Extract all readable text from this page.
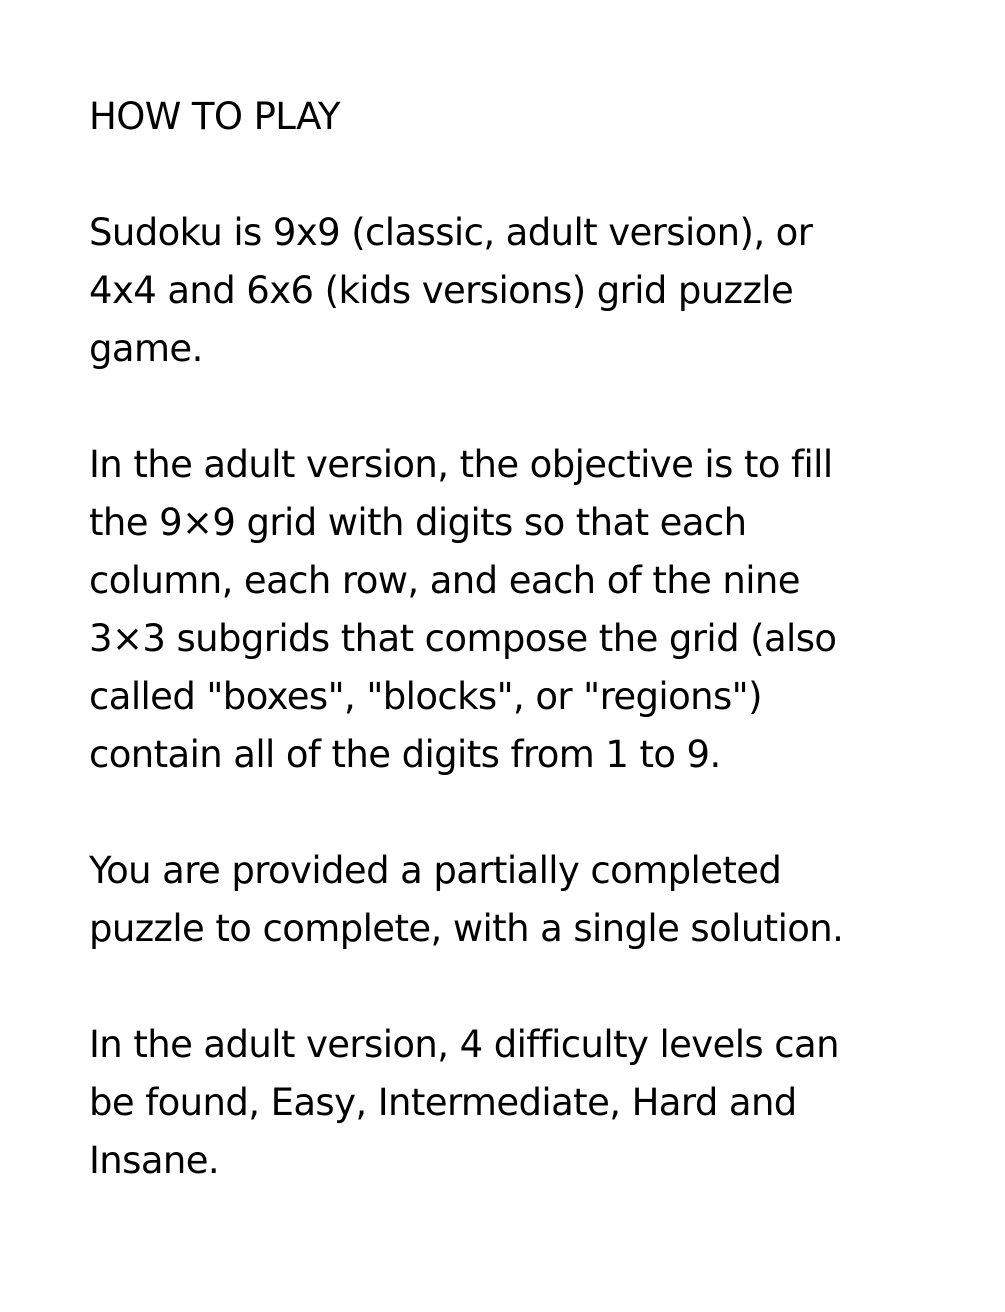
HOW TO PLAY

Sudoku is 9x9 (classic, adult version), or
4x4 and 6x6 (kids versions) grid puzzle
game.

In the adult version, the objective is to fill
the 9×9 grid with digits so that each
column, each row, and each of the nine
3×3 subgrids that compose the grid (also
called "boxes", "blocks", or "regions")
contain all of the digits from 1 to 9.

You are provided a partially completed
puzzle to complete, with a single solution.

In the adult version, 4 difficulty levels can
be found, Easy, Intermediate, Hard and
Insane.
